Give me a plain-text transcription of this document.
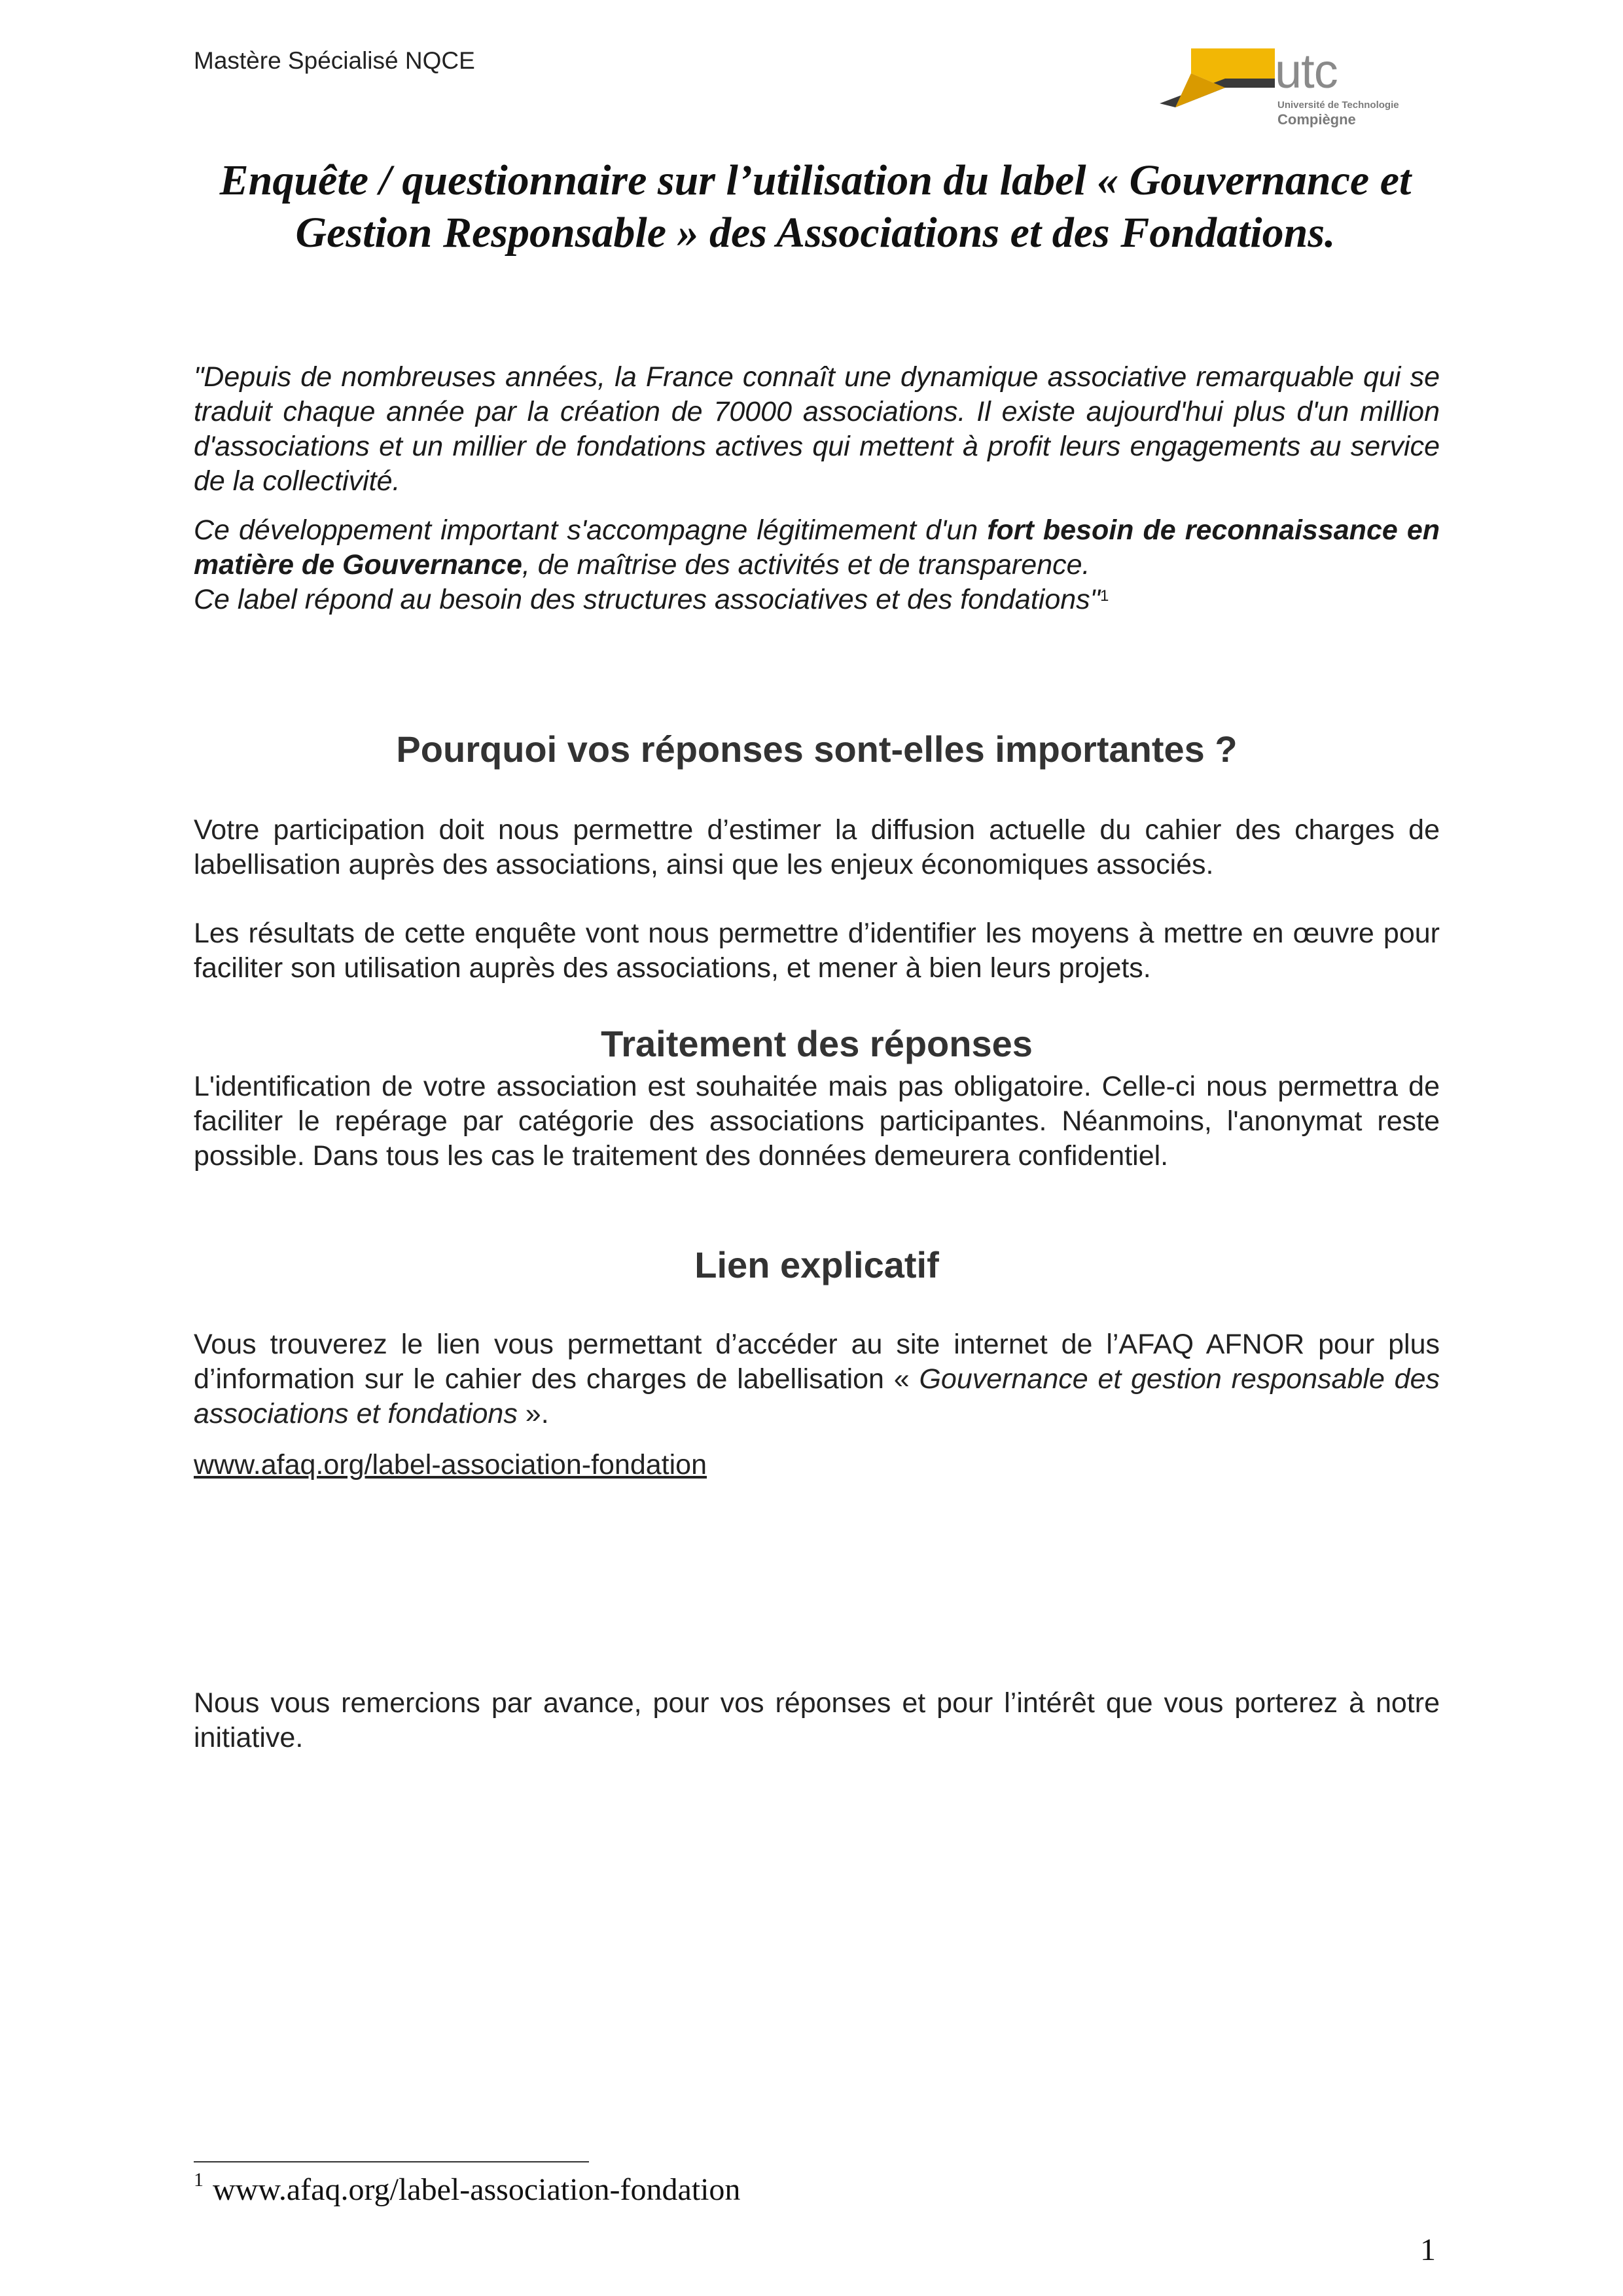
Mastère Spécialisé NQCE	utc
Université de Technologie
Compiègne
Enquête / questionnaire sur l’utilisation du label « Gouvernance et
Gestion Responsable » des Associations et des Fondations.

"Depuis de nombreuses années, la France connaît une dynamique associative remarquable qui se traduit chaque année par la création de 70000 associations. Il existe aujourd'hui plus d'un million d'associations et un millier de fondations actives qui mettent à profit leurs engagements au service de la collectivité.

Ce développement important s'accompagne légitimement d'un fort besoin de reconnaissance en matière de Gouvernance, de maîtrise des activités et de transparence.

Ce label répond au besoin des structures associatives et des fondations"$^1$

Pourquoi vos réponses sont-elles importantes ?

Votre participation doit nous permettre d’estimer la diffusion actuelle du cahier des charges de labellisation auprès des associations, ainsi que les enjeux économiques associés.

Les résultats de cette enquête vont nous permettre d’identifier les moyens à mettre en œuvre pour faciliter son utilisation auprès des associations, et mener à bien leurs projets.

Traitement des réponses

L'identification de votre association est souhaitée mais pas obligatoire. Celle-ci nous permettra de faciliter le repérage par catégorie des associations participantes. Néanmoins, l'anonymat reste possible. Dans tous les cas le traitement des données demeurera confidentiel.

Lien explicatif

Vous trouverez le lien vous permettant d’accéder au site internet de l’AFAQ AFNOR pour plus d’information sur le cahier des charges de labellisation « Gouvernance et gestion responsable des associations et fondations ».

www.afaq.org/label-association-fondation

Nous vous remercions par avance, pour vos réponses et pour l’intérêt que vous porterez à notre initiative.

$^1$ www.afaq.org/label-association-fondation
1
